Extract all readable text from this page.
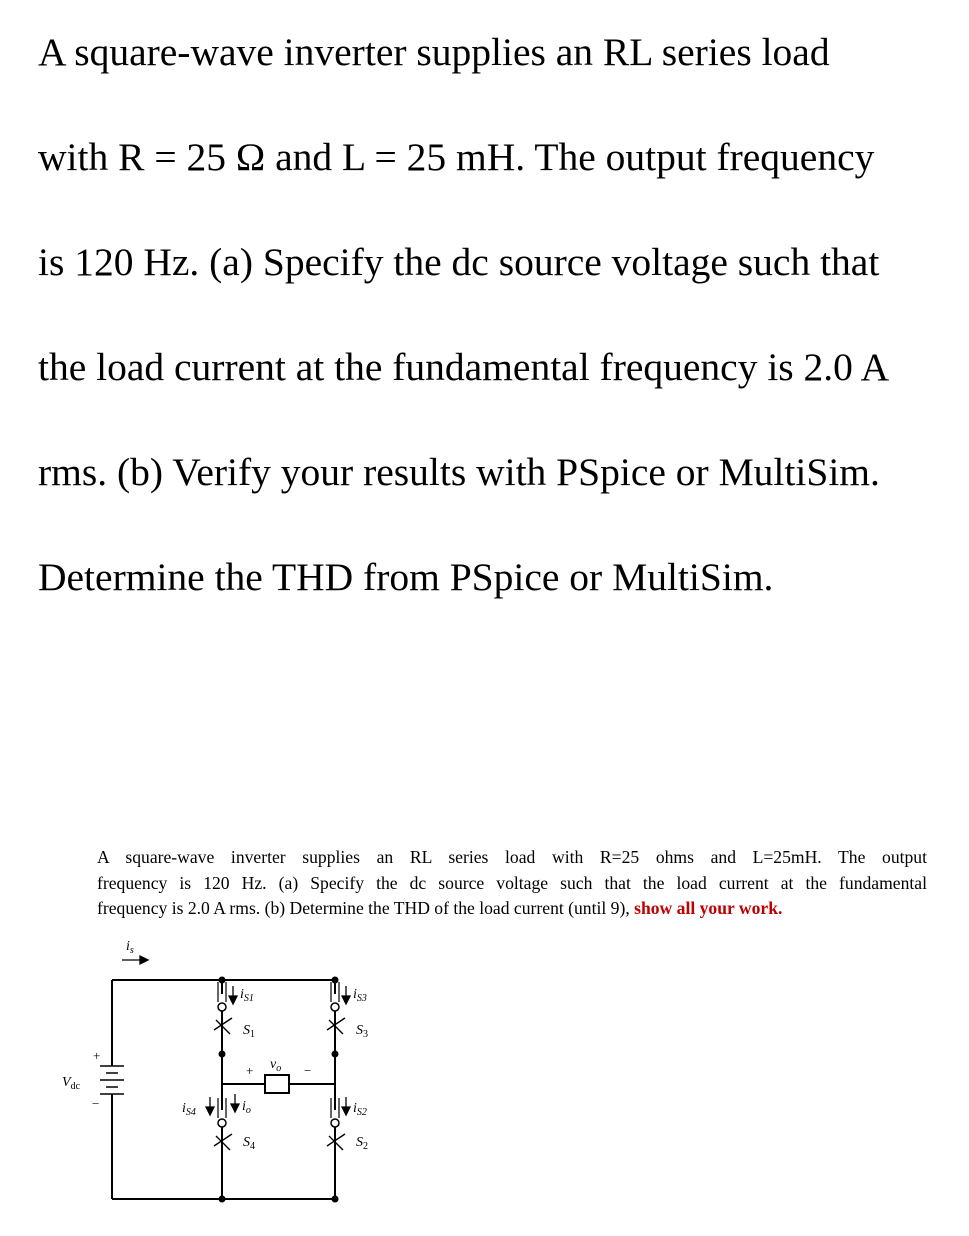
A square-wave inverter supplies an RL series load
with R = 25 Ω and L = 25 mH. The output frequency
is 120 Hz. (a) Specify the dc source voltage such that
the load current at the fundamental frequency is 2.0 A
rms. (b) Verify your results with PSpice or MultiSim.
Determine the THD from PSpice or MultiSim.
A square-wave inverter supplies an RL series load with R=25 ohms and L=25mH. The output
frequency is 120 Hz. (a) Specify the dc source voltage such that the load current at the fundamental
frequency is 2.0 A rms. (b) Determine the THD of the load current (until 9), show all your work.
$i_s$
$V_{dc}$
$i_{S1}$	$i_{S3}$
$i_{S4}$	$i_{S2}$
$S_1$	$S_3$
$S_4$	$S_2$
$v_o$
$i_o$
+
−
+	−
